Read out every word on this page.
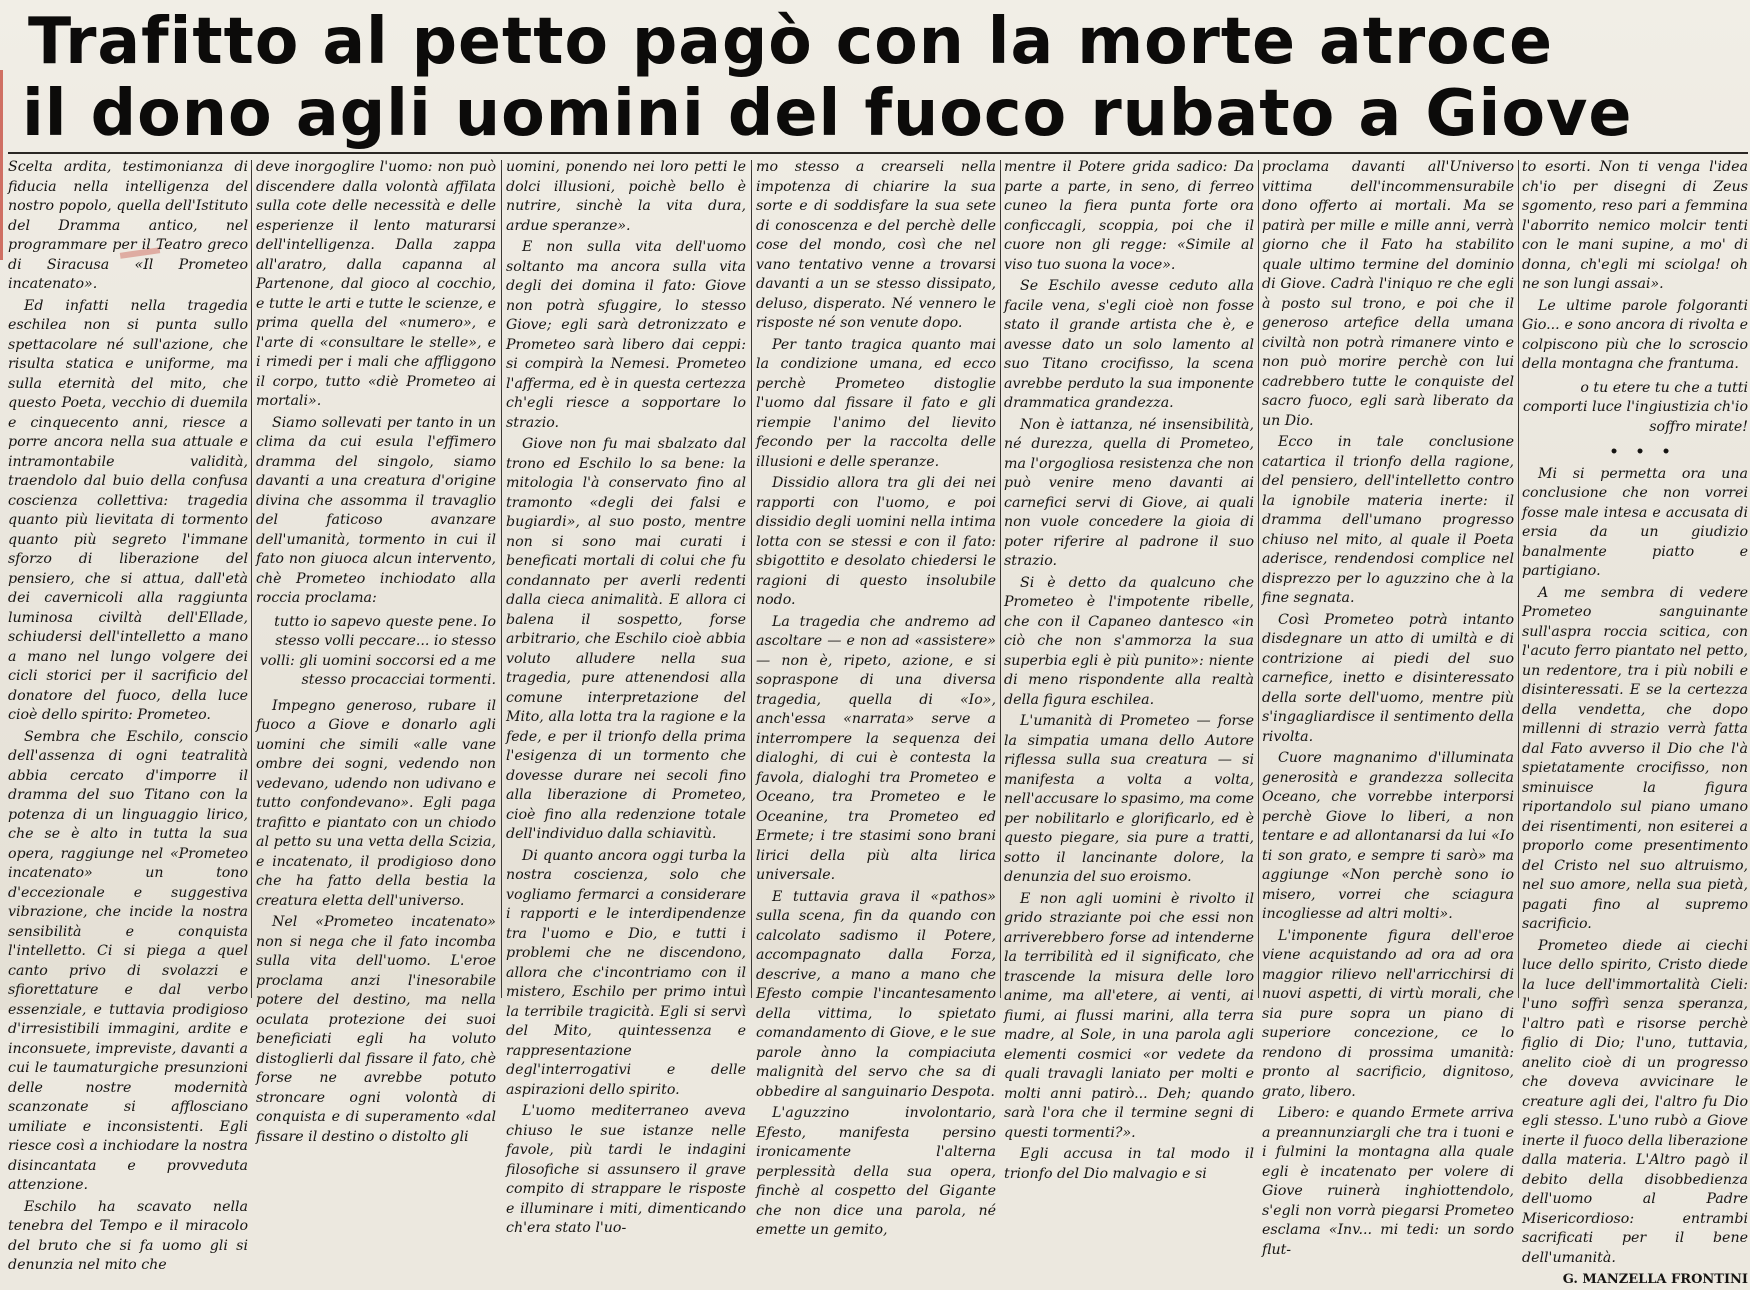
Trafitto al petto pagò con la morte atroce
il dono agli uomini del fuoco rubato a Giove

Scelta ardita, testimonianza di fiducia nella intelligenza del nostro popolo, quella dell'Istituto del Dramma antico, nel programmare per il Teatro greco di Siracusa «Il Prometeo incatenato».

Ed infatti nella tragedia eschilea non si punta sullo spettacolare né sull'azione, che risulta statica e uniforme, ma sulla eternità del mito, che questo Poeta, vecchio di duemila e cinquecento anni, riesce a porre ancora nella sua attuale e intramontabile validità, traendolo dal buio della confusa coscienza collettiva: tragedia quanto più lievitata di tormento quanto più segreto l'immane sforzo di liberazione del pensiero, che si attua, dall'età dei cavernicoli alla raggiunta luminosa civiltà dell'Ellade, schiudersi dell'intelletto a mano a mano nel lungo volgere dei cicli storici per il sacrificio del donatore del fuoco, della luce cioè dello spirito: Prometeo.

Sembra che Eschilo, conscio dell'assenza di ogni teatralità abbia cercato d'imporre il dramma del suo Titano con la potenza di un linguaggio lirico, che se è alto in tutta la sua opera, raggiunge nel «Prometeo incatenato» un tono d'eccezionale e suggestiva vibrazione, che incide la nostra sensibilità e conquista l'intelletto. Ci si piega a quel canto privo di svolazzi e sfiorettature e dal verbo essenziale, e tuttavia prodigioso d'irresistibili immagini, ardite e inconsuete, impreviste, davanti a cui le taumaturgiche presunzioni delle nostre modernità scanzonate si afflosciano umiliate e inconsistenti. Egli riesce così a inchiodare la nostra disincantata e provveduta attenzione.

Eschilo ha scavato nella tenebra del Tempo e il miracolo del bruto che si fa uomo gli si denunzia nel mito che

deve inorgoglire l'uomo: non può discendere dalla volontà affilata sulla cote delle necessità e delle esperienze il lento maturarsi dell'intelligenza. Dalla zappa all'aratro, dalla capanna al Partenone, dal gioco al cocchio, e tutte le arti e tutte le scienze, e prima quella del «numero», e l'arte di «consultare le stelle», e i rimedi per i mali che affliggono il corpo, tutto «diè Prometeo ai mortali».

Siamo sollevati per tanto in un clima da cui esula l'effimero dramma del singolo, siamo davanti a una creatura d'origine divina che assomma il travaglio del faticoso avanzare dell'umanità, tormento in cui il fato non giuoca alcun intervento, chè Prometeo inchiodato alla roccia proclama:

tutto io sapevo queste pene. Io stesso volli peccare... io stesso volli: gli uomini soccorsi ed a me stesso procacciai tormenti.

Impegno generoso, rubare il fuoco a Giove e donarlo agli uomini che simili «alle vane ombre dei sogni, vedendo non vedevano, udendo non udivano e tutto confondevano». Egli paga trafitto e piantato con un chiodo al petto su una vetta della Scizia, e incatenato, il prodigioso dono che ha fatto della bestia la creatura eletta dell'universo.

Nel «Prometeo incatenato» non si nega che il fato incomba sulla vita dell'uomo. L'eroe proclama anzi l'inesorabile potere del destino, ma nella oculata protezione dei suoi beneficiati egli ha voluto distoglierli dal fissare il fato, chè forse ne avrebbe potuto stroncare ogni volontà di conquista e di superamento «dal fissare il destino o distolto gli

uomini, ponendo nei loro petti le dolci illusioni, poichè bello è nutrire, sinchè la vita dura, ardue speranze».

E non sulla vita dell'uomo soltanto ma ancora sulla vita degli dei domina il fato: Giove non potrà sfuggire, lo stesso Giove; egli sarà detronizzato e Prometeo sarà libero dai ceppi: si compirà la Nemesi. Prometeo l'afferma, ed è in questa certezza ch'egli riesce a sopportare lo strazio.

Giove non fu mai sbalzato dal trono ed Eschilo lo sa bene: la mitologia l'à conservato fino al tramonto «degli dei falsi e bugiardi», al suo posto, mentre non si sono mai curati i beneficati mortali di colui che fu condannato per averli redenti dalla cieca animalità. E allora ci balena il sospetto, forse arbitrario, che Eschilo cioè abbia voluto alludere nella sua tragedia, pure attenendosi alla comune interpretazione del Mito, alla lotta tra la ragione e la fede, e per il trionfo della prima l'esigenza di un tormento che dovesse durare nei secoli fino alla liberazione di Prometeo, cioè fino alla redenzione totale dell'individuo dalla schiavitù.

Di quanto ancora oggi turba la nostra coscienza, solo che vogliamo fermarci a considerare i rapporti e le interdipendenze tra l'uomo e Dio, e tutti i problemi che ne discendono, allora che c'incontriamo con il mistero, Eschilo per primo intuì la terribile tragicità. Egli si servì del Mito, quintessenza e rappresentazione degl'interrogativi e delle aspirazioni dello spirito.

L'uomo mediterraneo aveva chiuso le sue istanze nelle favole, più tardi le indagini filosofiche si assunsero il grave compito di strappare le risposte e illuminare i miti, dimenticando ch'era stato l'uo-

mo stesso a crearseli nella impotenza di chiarire la sua sorte e di soddisfare la sua sete di conoscenza e del perchè delle cose del mondo, così che nel vano tentativo venne a trovarsi davanti a un se stesso dissipato, deluso, disperato. Né vennero le risposte né son venute dopo.

Per tanto tragica quanto mai la condizione umana, ed ecco perchè Prometeo distoglie l'uomo dal fissare il fato e gli riempie l'animo del lievito fecondo per la raccolta delle illusioni e delle speranze.

Dissidio allora tra gli dei nei rapporti con l'uomo, e poi dissidio degli uomini nella intima lotta con se stessi e con il fato: sbigottito e desolato chiedersi le ragioni di questo insolubile nodo.

La tragedia che andremo ad ascoltare — e non ad «assistere» — non è, ripeto, azione, e si sopraspone di una diversa tragedia, quella di «Io», anch'essa «narrata» serve a interrompere la sequenza dei dialoghi, di cui è contesta la favola, dialoghi tra Prometeo e Oceano, tra Prometeo e le Oceanine, tra Prometeo ed Ermete; i tre stasimi sono brani lirici della più alta lirica universale.

E tuttavia grava il «pathos» sulla scena, fin da quando con calcolato sadismo il Potere, accompagnato dalla Forza, descrive, a mano a mano che Efesto compie l'incantesamento della vittima, lo spietato comandamento di Giove, e le sue parole ànno la compiaciuta malignità del servo che sa di obbedire al sanguinario Despota.

L'aguzzino involontario, Efesto, manifesta persino ironicamente l'alterna perplessità della sua opera, finchè al cospetto del Gigante che non dice una parola, né emette un gemito,

mentre il Potere grida sadico: Da parte a parte, in seno, di ferreo cuneo la fiera punta forte ora conficcagli, scoppia, poi che il cuore non gli regge: «Simile al viso tuo suona la voce».

Se Eschilo avesse ceduto alla facile vena, s'egli cioè non fosse stato il grande artista che è, e avesse dato un solo lamento al suo Titano crocifisso, la scena avrebbe perduto la sua imponente drammatica grandezza.

Non è iattanza, né insensibilità, né durezza, quella di Prometeo, ma l'orgogliosa resistenza che non può venire meno davanti ai carnefici servi di Giove, ai quali non vuole concedere la gioia di poter riferire al padrone il suo strazio.

Si è detto da qualcuno che Prometeo è l'impotente ribelle, che con il Capaneo dantesco «in ciò che non s'ammorza la sua superbia egli è più punito»: niente di meno rispondente alla realtà della figura eschilea.

L'umanità di Prometeo — forse la simpatia umana dello Autore riflessa sulla sua creatura — si manifesta a volta a volta, nell'accusare lo spasimo, ma come per nobilitarlo e glorificarlo, ed è questo piegare, sia pure a tratti, sotto il lancinante dolore, la denunzia del suo eroismo.

E non agli uomini è rivolto il grido straziante poi che essi non arriverebbero forse ad intenderne la terribilità ed il significato, che trascende la misura delle loro anime, ma all'etere, ai venti, ai fiumi, ai flussi marini, alla terra madre, al Sole, in una parola agli elementi cosmici «or vedete da quali travagli laniato per molti e molti anni patirò... Deh; quando sarà l'ora che il termine segni di questi tormenti?».

Egli accusa in tal modo il trionfo del Dio malvagio e si

proclama davanti all'Universo vittima dell'incommensurabile dono offerto ai mortali. Ma se patirà per mille e mille anni, verrà giorno che il Fato ha stabilito quale ultimo termine del dominio di Giove. Cadrà l'iniquo re che egli à posto sul trono, e poi che il generoso artefice della umana civiltà non potrà rimanere vinto e non può morire perchè con lui cadrebbero tutte le conquiste del sacro fuoco, egli sarà liberato da un Dio.

Ecco in tale conclusione catartica il trionfo della ragione, del pensiero, dell'intelletto contro la ignobile materia inerte: il dramma dell'umano progresso chiuso nel mito, al quale il Poeta aderisce, rendendosi complice nel disprezzo per lo aguzzino che à la fine segnata.

Così Prometeo potrà intanto disdegnare un atto di umiltà e di contrizione ai piedi del suo carnefice, inetto e disinteressato della sorte dell'uomo, mentre più s'ingagliardisce il sentimento della rivolta.

Cuore magnanimo d'illuminata generosità e grandezza sollecita Oceano, che vorrebbe interporsi perchè Giove lo liberi, a non tentare e ad allontanarsi da lui «Io ti son grato, e sempre ti sarò» ma aggiunge «Non perchè sono io misero, vorrei che sciagura incogliesse ad altri molti».

L'imponente figura dell'eroe viene acquistando ad ora ad ora maggior rilievo nell'arricchirsi di nuovi aspetti, di virtù morali, che sia pure sopra un piano di superiore concezione, ce lo rendono di prossima umanità: pronto al sacrificio, dignitoso, grato, libero.

Libero: e quando Ermete arriva a preannunziargli che tra i tuoni e i fulmini la montagna alla quale egli è incatenato per volere di Giove ruinerà inghiottendolo, s'egli non vorrà piegarsi Prometeo esclama «Inv... mi tedi: un sordo flut-

to esorti. Non ti venga l'idea ch'io per disegni di Zeus sgomento, reso pari a femmina l'aborrito nemico molcir tenti con le mani supine, a mo' di donna, ch'egli mi sciolga! oh ne son lungi assai».

Le ultime parole folgoranti Gio... e sono ancora di rivolta e colpiscono più che lo scroscio della montagna che frantuma.

o tu etere tu che a tutti comporti luce l'ingiustizia ch'io soffro mirate!

• • •

Mi si permetta ora una conclusione che non vorrei fosse male intesa e accusata di ersia da un giudizio banalmente piatto e partigiano.

A me sembra di vedere Prometeo sanguinante sull'aspra roccia scitica, con l'acuto ferro piantato nel petto, un redentore, tra i più nobili e disinteressati. E se la certezza della vendetta, che dopo millenni di strazio verrà fatta dal Fato avverso il Dio che l'à spietatamente crocifisso, non sminuisce la figura riportandolo sul piano umano dei risentimenti, non esiterei a proporlo come presentimento del Cristo nel suo altruismo, nel suo amore, nella sua pietà, pagati fino al supremo sacrificio.

Prometeo diede ai ciechi luce dello spirito, Cristo diede la luce dell'immortalità Cieli: l'uno soffrì senza speranza, l'altro patì e risorse perchè figlio di Dio; l'uno, tuttavia, anelito cioè di un progresso che doveva avvicinare le creature agli dei, l'altro fu Dio egli stesso. L'uno rubò a Giove inerte il fuoco della liberazione dalla materia. L'Altro pagò il debito della disobbedienza dell'uomo al Padre Misericordioso: entrambi sacrificati per il bene dell'umanità.

G. MANZELLA FRONTINI
